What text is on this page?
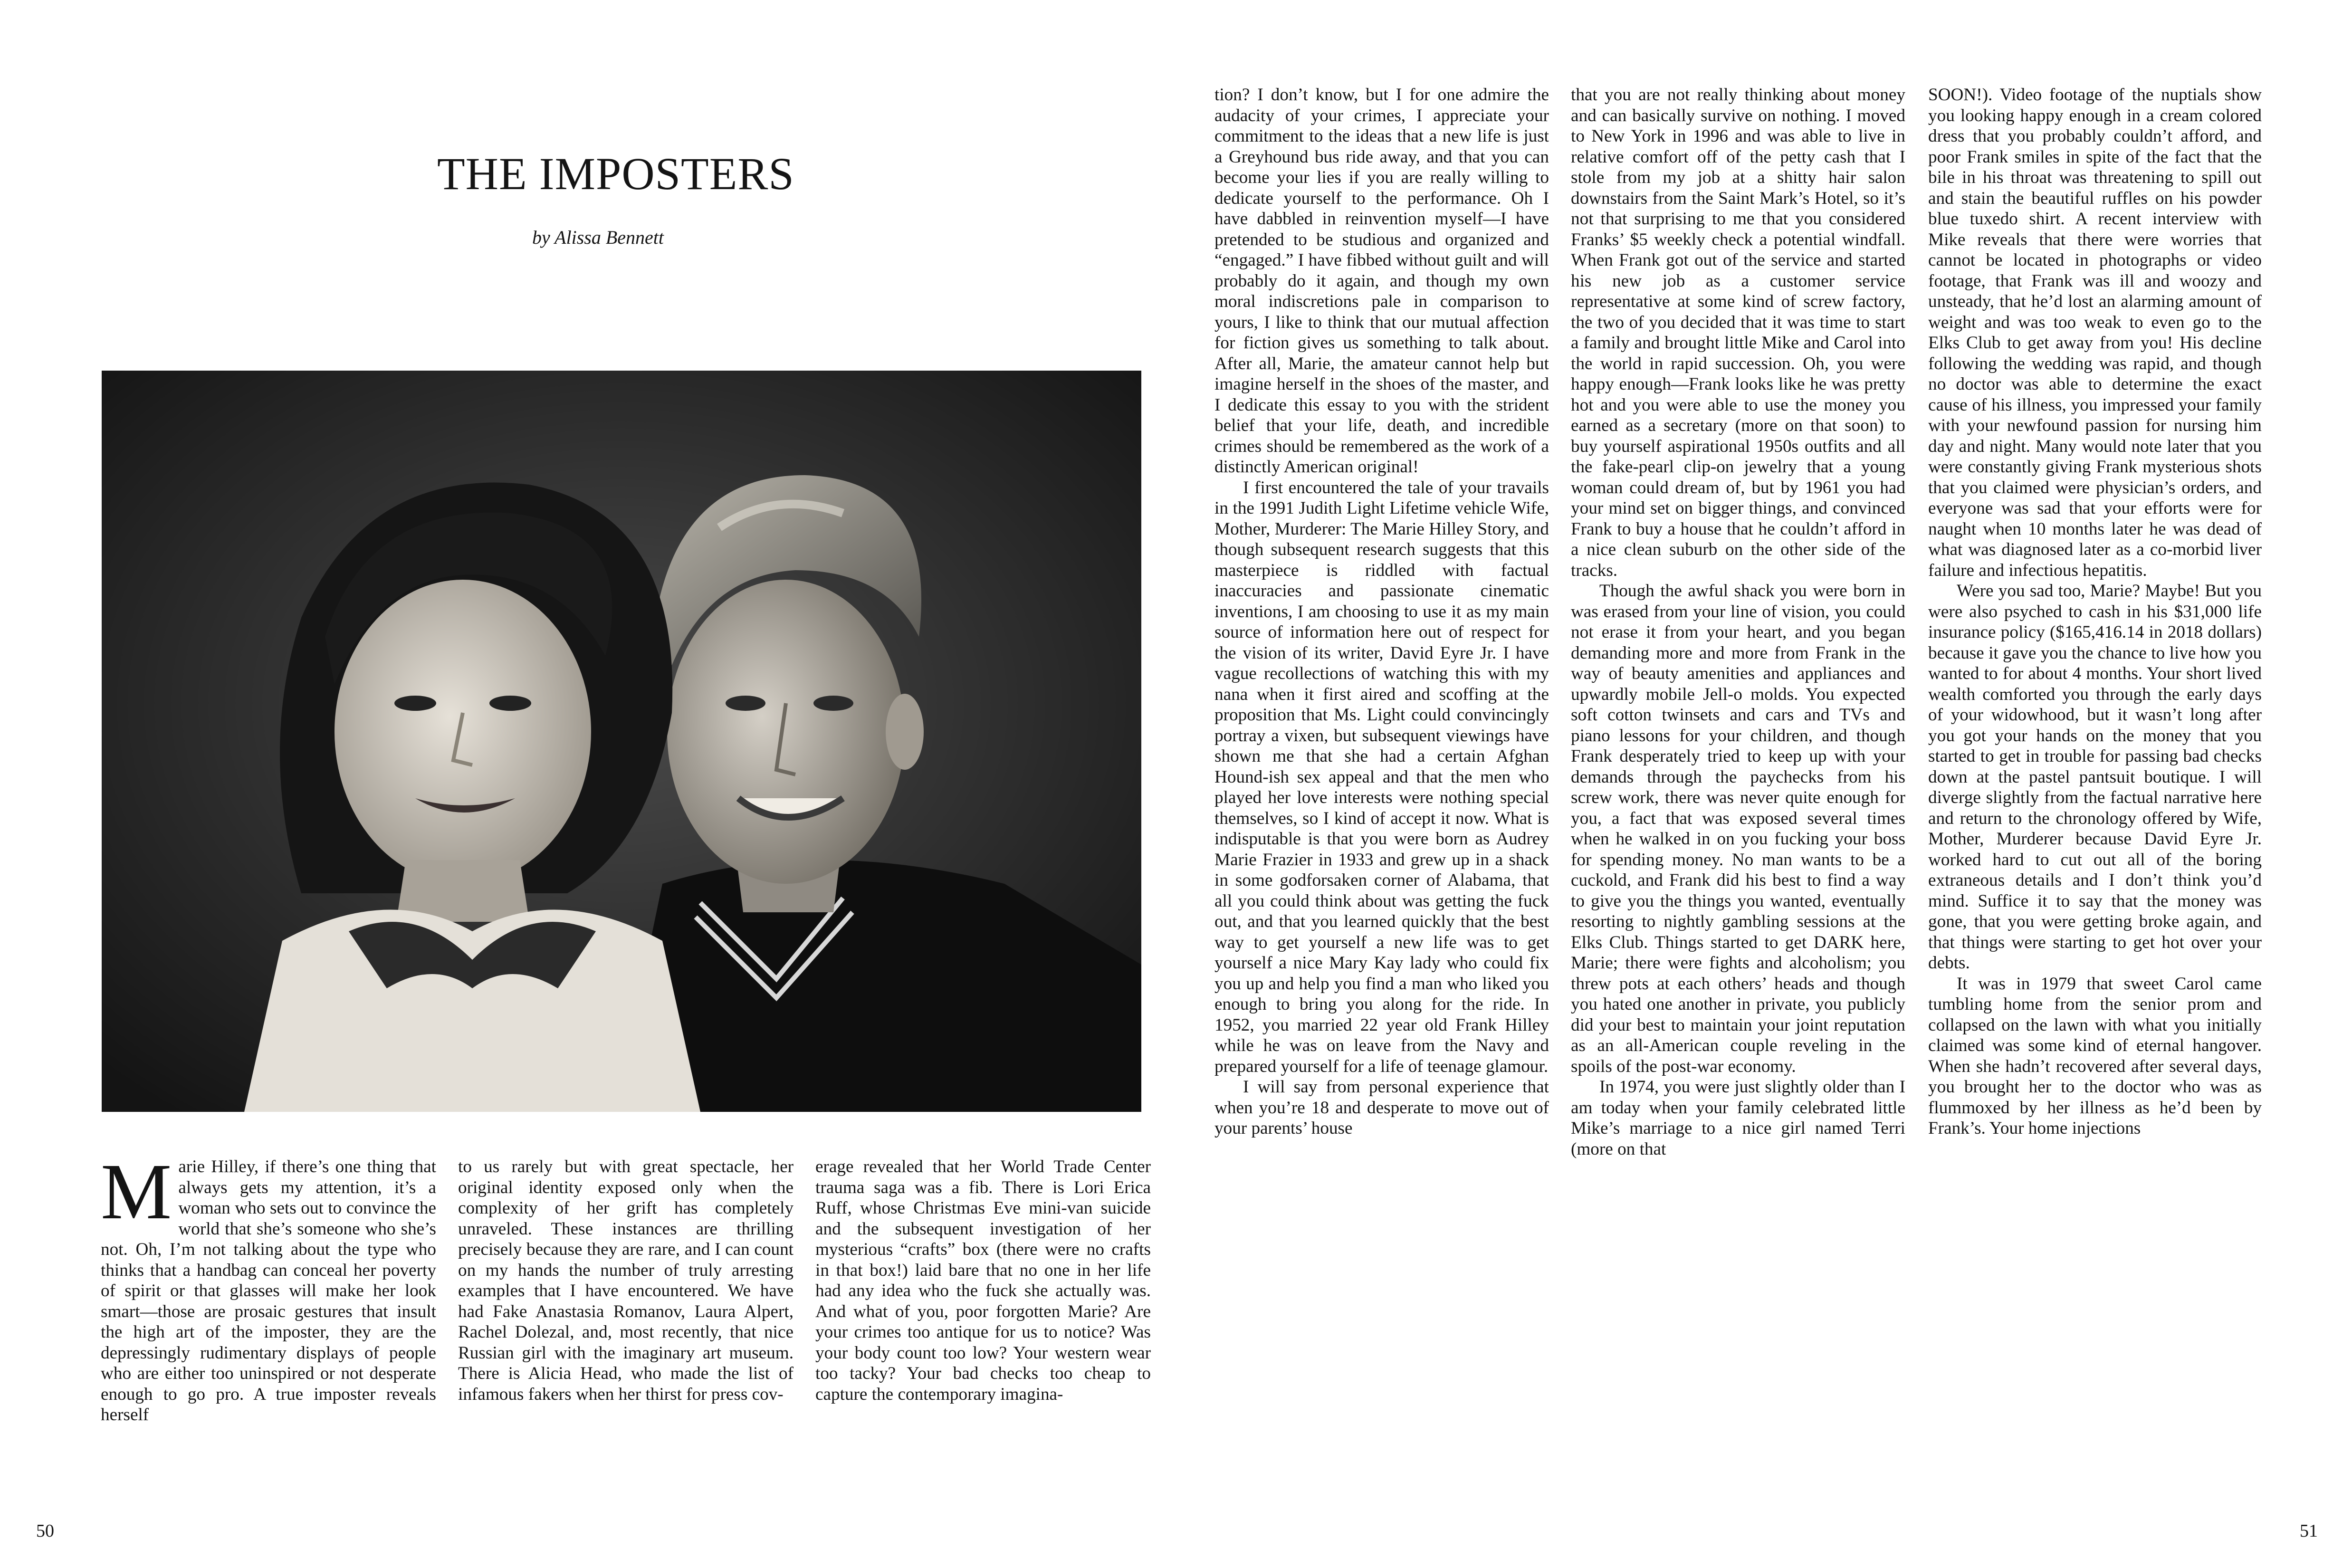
THE IMPOSTERS
by Alissa Bennett
M arie Hilley, if there’s one thing that always gets my attention, it’s a woman who sets out to convince the world that she’s someone who she’s not. Oh, I’m not talking about the type who thinks that a handbag can conceal her poverty of spirit or that glasses will make her look smart—those are prosaic gestures that insult the high art of the imposter, they are the depressingly rudimentary displays of people who are either too uninspired or not desperate enough to go pro. A true imposter reveals herself

to us rarely but with great spectacle, her original identity exposed only when the complexity of her grift has completely unraveled. These instances are thrilling precisely because they are rare, and I can count on my hands the number of truly arresting examples that I have encountered. We have had Fake Anastasia Romanov, Laura Alpert, Rachel Dolezal, and, most recently, that nice Russian girl with the imaginary art museum. There is Alicia Head, who made the list of infamous fakers when her thirst for press cov-

erage revealed that her World Trade Center trauma saga was a fib. There is Lori Erica Ruff, whose Christmas Eve mini-van suicide and the subsequent investigation of her mysterious “crafts” box (there were no crafts in that box!) laid bare that no one in her life had any idea who the fuck she actually was. And what of you, poor forgotten Marie? Are your crimes too antique for us to notice? Was your body count too low? Your western wear too tacky? Your bad checks too cheap to capture the contemporary imagina-

tion? I don’t know, but I for one admire the audacity of your crimes, I appreciate your commitment to the ideas that a new life is just a Greyhound bus ride away, and that you can become your lies if you are really willing to dedicate yourself to the performance. Oh I have dabbled in reinvention myself—I have pretended to be studious and organized and “engaged.” I have fibbed without guilt and will probably do it again, and though my own moral indiscretions pale in comparison to yours, I like to think that our mutual affection for fiction gives us something to talk about. After all, Marie, the amateur cannot help but imagine herself in the shoes of the master, and I dedicate this essay to you with the strident belief that your life, death, and incredible crimes should be remembered as the work of a distinctly American original!

I first encountered the tale of your travails in the 1991 Judith Light Lifetime vehicle Wife, Mother, Murderer: The Marie Hilley Story, and though subsequent research suggests that this masterpiece is riddled with factual inaccuracies and passionate cinematic inventions, I am choosing to use it as my main source of information here out of respect for the vision of its writer, David Eyre Jr. I have vague recollections of watching this with my nana when it first aired and scoffing at the proposition that Ms. Light could convincingly portray a vixen, but subsequent viewings have shown me that she had a certain Afghan Hound-ish sex appeal and that the men who played her love interests were nothing special themselves, so I kind of accept it now. What is indisputable is that you were born as Audrey Marie Frazier in 1933 and grew up in a shack in some godforsaken corner of Alabama, that all you could think about was getting the fuck out, and that you learned quickly that the best way to get yourself a new life was to get yourself a nice Mary Kay lady who could fix you up and help you find a man who liked you enough to bring you along for the ride. In 1952, you married 22 year old Frank Hilley while he was on leave from the Navy and prepared yourself for a life of teenage glamour.

I will say from personal experience that when you’re 18 and desperate to move out of your parents’ house

that you are not really thinking about money and can basically survive on nothing. I moved to New York in 1996 and was able to live in relative comfort off of the petty cash that I stole from my job at a shitty hair salon downstairs from the Saint Mark’s Hotel, so it’s not that surprising to me that you considered Franks’ $5 weekly check a potential windfall. When Frank got out of the service and started his new job as a customer service representative at some kind of screw factory, the two of you decided that it was time to start a family and brought little Mike and Carol into the world in rapid succession. Oh, you were happy enough—Frank looks like he was pretty hot and you were able to use the money you earned as a secretary (more on that soon) to buy yourself aspirational 1950s outfits and all the fake-pearl clip-on jewelry that a young woman could dream of, but by 1961 you had your mind set on bigger things, and convinced Frank to buy a house that he couldn’t afford in a nice clean suburb on the other side of the tracks.

Though the awful shack you were born in was erased from your line of vision, you could not erase it from your heart, and you began demanding more and more from Frank in the way of beauty amenities and appliances and upwardly mobile Jell-o molds. You expected soft cotton twinsets and cars and TVs and piano lessons for your children, and though Frank desperately tried to keep up with your demands through the paychecks from his screw work, there was never quite enough for you, a fact that was exposed several times when he walked in on you fucking your boss for spending money. No man wants to be a cuckold, and Frank did his best to find a way to give you the things you wanted, eventually resorting to nightly gambling sessions at the Elks Club. Things started to get DARK here, Marie; there were fights and alcoholism; you threw pots at each others’ heads and though you hated one another in private, you publicly did your best to maintain your joint reputation as an all-American couple reveling in the spoils of the post-war economy.

In 1974, you were just slightly older than I am today when your family celebrated little Mike’s marriage to a nice girl named Terri (more on that

SOON!). Video footage of the nuptials show you looking happy enough in a cream colored dress that you probably couldn’t afford, and poor Frank smiles in spite of the fact that the bile in his throat was threatening to spill out and stain the beautiful ruffles on his powder blue tuxedo shirt. A recent interview with Mike reveals that there were worries that cannot be located in photographs or video footage, that Frank was ill and woozy and unsteady, that he’d lost an alarming amount of weight and was too weak to even go to the Elks Club to get away from you! His decline following the wedding was rapid, and though no doctor was able to determine the exact cause of his illness, you impressed your family with your newfound passion for nursing him day and night. Many would note later that you were constantly giving Frank mysterious shots that you claimed were physician’s orders, and everyone was sad that your efforts were for naught when 10 months later he was dead of what was diagnosed later as a co-morbid liver failure and infectious hepatitis.

Were you sad too, Marie? Maybe! But you were also psyched to cash in his $31,000 life insurance policy ($165,416.14 in 2018 dollars) because it gave you the chance to live how you wanted to for about 4 months. Your short lived wealth comforted you through the early days of your widowhood, but it wasn’t long after you got your hands on the money that you started to get in trouble for passing bad checks down at the pastel pantsuit boutique. I will diverge slightly from the factual narrative here and return to the chronology offered by Wife, Mother, Murderer because David Eyre Jr. worked hard to cut out all of the boring extraneous details and I don’t think you’d mind. Suffice it to say that the money was gone, that you were getting broke again, and that things were starting to get hot over your debts.

It was in 1979 that sweet Carol came tumbling home from the senior prom and collapsed on the lawn with what you initially claimed was some kind of eternal hangover. When she hadn’t recovered after several days, you brought her to the doctor who was as flummoxed by her illness as he’d been by Frank’s. Your home injections

50	51
